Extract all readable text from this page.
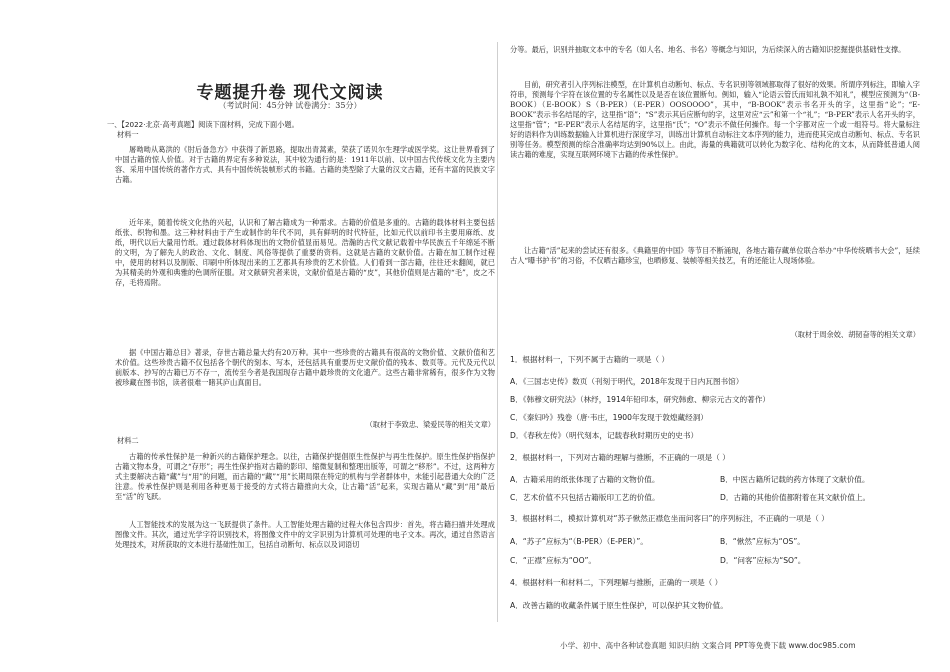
专题提升卷 现代文阅读
（考试时间：45分钟 试卷满分：35分）

一、【2022·北京·高考真题】阅读下面材料，完成下面小题。

材料一

屠呦呦从葛洪的《肘后备急方》中获得了新思路，提取出青蒿素，荣获了诺贝尔生理学或医学奖。这让世界看到了中国古籍的惊人价值。对于古籍的界定有多种说法，其中较为通行的是：1911年以前、以中国古代传统文化为主要内容、采用中国传统的著作方式、具有中国传统装帧形式的书籍。古籍的类型除了大量的汉文古籍，还有丰富的民族文字古籍。

近年来，随着传统文化热的兴起，认识和了解古籍成为一种需求。古籍的价值是多重的。古籍的载体材料主要包括纸张、织物和墨。这三种材料由于产生或制作的年代不同，具有鲜明的时代特征，比如元代以前印书主要用麻纸、皮纸，明代以后大量用竹纸。通过载体材料体现出的文物价值显而易见。浩瀚的古代文献记载着中华民族五千年绵延不断的文明，为了解先人的政治、文化、制度、风俗等提供了重要的资料。这就是古籍的文献价值。古籍在加工制作过程中，使用的材料以及制版、印刷中所体现出来的工艺都具有珍贵的艺术价值。人们看到一部古籍，往往还未翻阅，就已为其精美的外观和典雅的色调所征服。对文献研究者来说，文献价值是古籍的“皮”，其他价值则是古籍的“毛”，皮之不存，毛将焉附。

据《中国古籍总目》著录，存世古籍总量大约有20万种。其中一些珍贵的古籍具有很高的文物价值、文献价值和艺术价值。这些珍贵古籍不仅包括各个朝代的刻本、写本，还包括具有重要历史文献价值的残本、数页等。元代及元代以前版本、抄写的古籍已万不存一，流传至今者是我国现存古籍中最珍贵的文化遗产。这些古籍非常稀有，很多作为文物被珍藏在图书馆，读者很难一睹其庐山真面目。

（取材于李致忠、梁爱民等的相关文章）

材料二

古籍的传承性保护是一种新兴的古籍保护理念。以往，古籍保护提倡原生性保护与再生性保护。原生性保护指保护古籍文物本身，可谓之“存形”；再生性保护指对古籍的影印、缩微复制和整理出版等，可谓之“移形”。不过，这两种方式主要解决古籍“藏”与“用”的问题，而古籍的“藏”“用”长期局限在特定的机构与学者群体中，未能引起普通大众的广泛注意。传承性保护则是利用各种更易于接受的方式将古籍推向大众，让古籍“活”起来，实现古籍从“藏”到“用”最后至“活”的飞跃。

人工智能技术的发展为这一飞跃提供了条件。人工智能处理古籍的过程大体包含四步：首先，将古籍扫描并处理成图像文件。其次，通过光学字符识别技术，将图像文件中的文字识别为计算机可处理的电子文本。再次，通过自然语言处理技术，对所获取的文本进行基础性加工，包括自动断句、标点以及词语切

分等。最后，识别并抽取文本中的专名（如人名、地名、书名）等概念与知识，为后续深入的古籍知识挖掘提供基础性支撑。

目前，研究者引入序列标注模型，在计算机自动断句、标点、专名识别等领域都取得了很好的效果。所谓序列标注，即输入字符串，预测每个字符在该位置的专名属性以及是否在该位置断句。例如，输入“论语云管氏而知礼孰不知礼”，模型应预测为“（B-BOOK）（E-BOOK）S（B-PER）（E-PER）OOSOOOO”，其中，“B-BOOK”表示书名开头的字，这里指“论”；“E-BOOK”表示书名结尾的字，这里指“语”；“S”表示其后应断句的字，这里对应“云”和第一个“礼”；“B-PER”表示人名开头的字，这里指“管”；“E-PER”表示人名结尾的字，这里指“氏”；“O”表示不做任何操作。每一个字都对应一个或一组符号。将大量标注好的语料作为训练数据输入计算机进行深度学习，训练出计算机自动标注文本序列的能力，进而使其完成自动断句、标点、专名识别等任务。模型预测的综合准确率均达到90%以上。由此，海量的典籍就可以转化为数字化、结构化的文本，从而降低普通人阅读古籍的难度，实现互联网环境下古籍的传承性保护。

让古籍“活”起来的尝试还有很多。《典籍里的中国》等节目不断涌现，各地古籍存藏单位联合举办“中华传统晒书大会”，延续古人“曝书护书”的习俗，不仅晒古籍珍宝，也晒修复、装帧等相关技艺，有的还能让人现场体验。

（取材于周余姣、胡韧奋等的相关文章）

1．根据材料一，下列不属于古籍的一项是（ ）

A．《三国志史传》数页（刊刻于明代，2018年发现于日内瓦图书馆）

B．《韩穆文研究法》（林纾，1914年铅印本，研究韩愈、柳宗元古文的著作）

C．《秦妇吟》残卷（唐·韦庄，1900年发现于敦煌藏经洞）

D．《春秋左传》（明代刻本，记载春秋时期历史的史书）

2．根据材料一，下列对古籍的理解与推断，不正确的一项是（ ）

A．古籍采用的纸张体现了古籍的文物价值。	B．中医古籍所记载的药方体现了文献价值。

C．艺术价值不只包括古籍版印工艺的价值。	D．古籍的其他价值都附着在其文献价值上。

3．根据材料二，模拟计算机对“苏子愀然正襟危坐而问客曰”的序列标注，不正确的一项是（ ）

A．“苏子”应标为“（B-PER）（E-PER）”。	B．“愀然”应标为“OS”。

C．“正襟”应标为“OO”。	D．“问客”应标为“SO”。

4．根据材料一和材料二，下列理解与推断，正确的一项是（ ）

A．改善古籍的收藏条件属于原生性保护，可以保护其文物价值。

小学、初中、高中各种试卷真题 知识归纳 文案合同 PPT等免费下载 www.doc985.com
